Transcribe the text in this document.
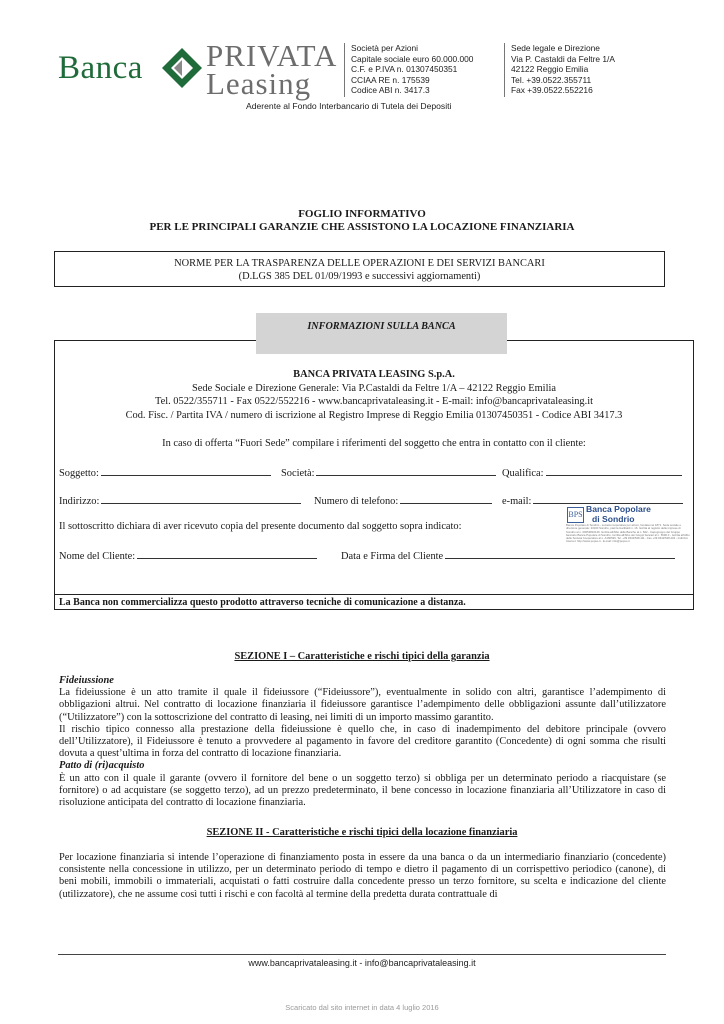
Banca PRIVATA
Leasing
Società per Azioni
Capitale sociale euro 60.000.000
C.F. e P.IVA n. 01307450351
CCIAA RE n. 175539
Codice ABI n. 3417.3
Sede legale e Direzione
Via P. Castaldi da Feltre 1/A
42122 Reggio Emilia
Tel. +39.0522.355711
Fax +39.0522.552216
Aderente al Fondo Interbancario di Tutela dei Depositi
FOGLIO INFORMATIVO
PER LE PRINCIPALI GARANZIE CHE ASSISTONO LA LOCAZIONE FINANZIARIA
NORME PER LA TRASPARENZA DELLE OPERAZIONI E DEI SERVIZI BANCARI
(D.LGS 385 DEL 01/09/1993 e successivi aggiornamenti)
INFORMAZIONI SULLA BANCA
BANCA PRIVATA LEASING S.p.A.
Sede Sociale e Direzione Generale: Via P.Castaldi da Feltre 1/A – 42122 Reggio Emilia
Tel. 0522/355711 - Fax 0522/552216 - www.bancaprivataleasing.it - E-mail: info@bancaprivataleasing.it
Cod. Fisc. / Partita IVA / numero di iscrizione al Registro Imprese di Reggio Emilia 01307450351 - Codice ABI 3417.3
In caso di offerta “Fuori Sede” compilare i riferimenti del soggetto che entra in contatto con il cliente:
Soggetto:	Società:	Qualifica:
Indirizzo:	Numero di telefono:	e-mail:
Il sottoscritto dichiara di aver ricevuto copia del presente documento dal soggetto sopra indicato:
BPS
Banca Popolare
di Sondrio
Banca Popolare di Sondrio - società cooperativa per azioni, fondata nel 1871. Sede sociale e direzione generale: 23100 Sondrio, piazza Garibaldi n. 16. Iscritta al registro delle imprese di Sondrio al n. 00053810149. Iscritta all'Albo delle Banche al n. 842 - Capogruppo del Gruppo bancario Banca Popolare di Sondrio. Iscritta all'Albo dei Gruppi bancari al n. 5696.0 - Iscritta all'Albo delle Società Cooperative al n. A160536. Tel. +39 0342/528.111 - Fax +39 0342/528.204 - Indirizzo Internet: http://www.popso.it - E-mail: info@popso.it
Nome del Cliente:	Data e Firma del Cliente
La Banca non commercializza questo prodotto attraverso tecniche di comunicazione a distanza.
SEZIONE I – Caratteristiche e rischi tipici della garanzia

Fideiussione

La fideiussione è un atto tramite il quale il fideiussore (“Fideiussore”), eventualmente in solido con altri, garantisce l’adempimento di obbligazioni altrui. Nel contratto di locazione finanziaria il fideiussore garantisce l’adempimento delle obbligazioni assunte dall’utilizzatore (“Utilizzatore”) con la sottoscrizione del contratto di leasing, nei limiti di un importo massimo garantito.

Il rischio tipico connesso alla prestazione della fideiussione è quello che, in caso di inadempimento del debitore principale (ovvero dell’Utilizzatore), il Fideiussore è tenuto a provvedere al pagamento in favore del creditore garantito (Concedente) di ogni somma che risulti dovuta a quest’ultima in forza del contratto di locazione finanziaria.

Patto di (ri)acquisto

È un atto con il quale il garante (ovvero il fornitore del bene o un soggetto terzo) si obbliga per un determinato periodo a riacquistare (se fornitore) o ad acquistare (se soggetto terzo), ad un prezzo predeterminato, il bene concesso in locazione finanziaria all’Utilizzatore in caso di risoluzione anticipata del contratto di locazione finanziaria.

SEZIONE II - Caratteristiche e rischi tipici della locazione finanziaria

Per locazione finanziaria si intende l’operazione di finanziamento posta in essere da una banca o da un intermediario finanziario (concedente) consistente nella concessione in utilizzo, per un determinato periodo di tempo e dietro il pagamento di un corrispettivo periodico (canone), di beni mobili, immobili o immateriali, acquistati o fatti costruire dalla concedente presso un terzo fornitore, su scelta e indicazione del cliente (utilizzatore), che ne assume così tutti i rischi e con facoltà al termine della predetta durata contrattuale di

www.bancaprivataleasing.it - info@bancaprivataleasing.it
Scaricato dal sito internet in data 4 luglio 2016
